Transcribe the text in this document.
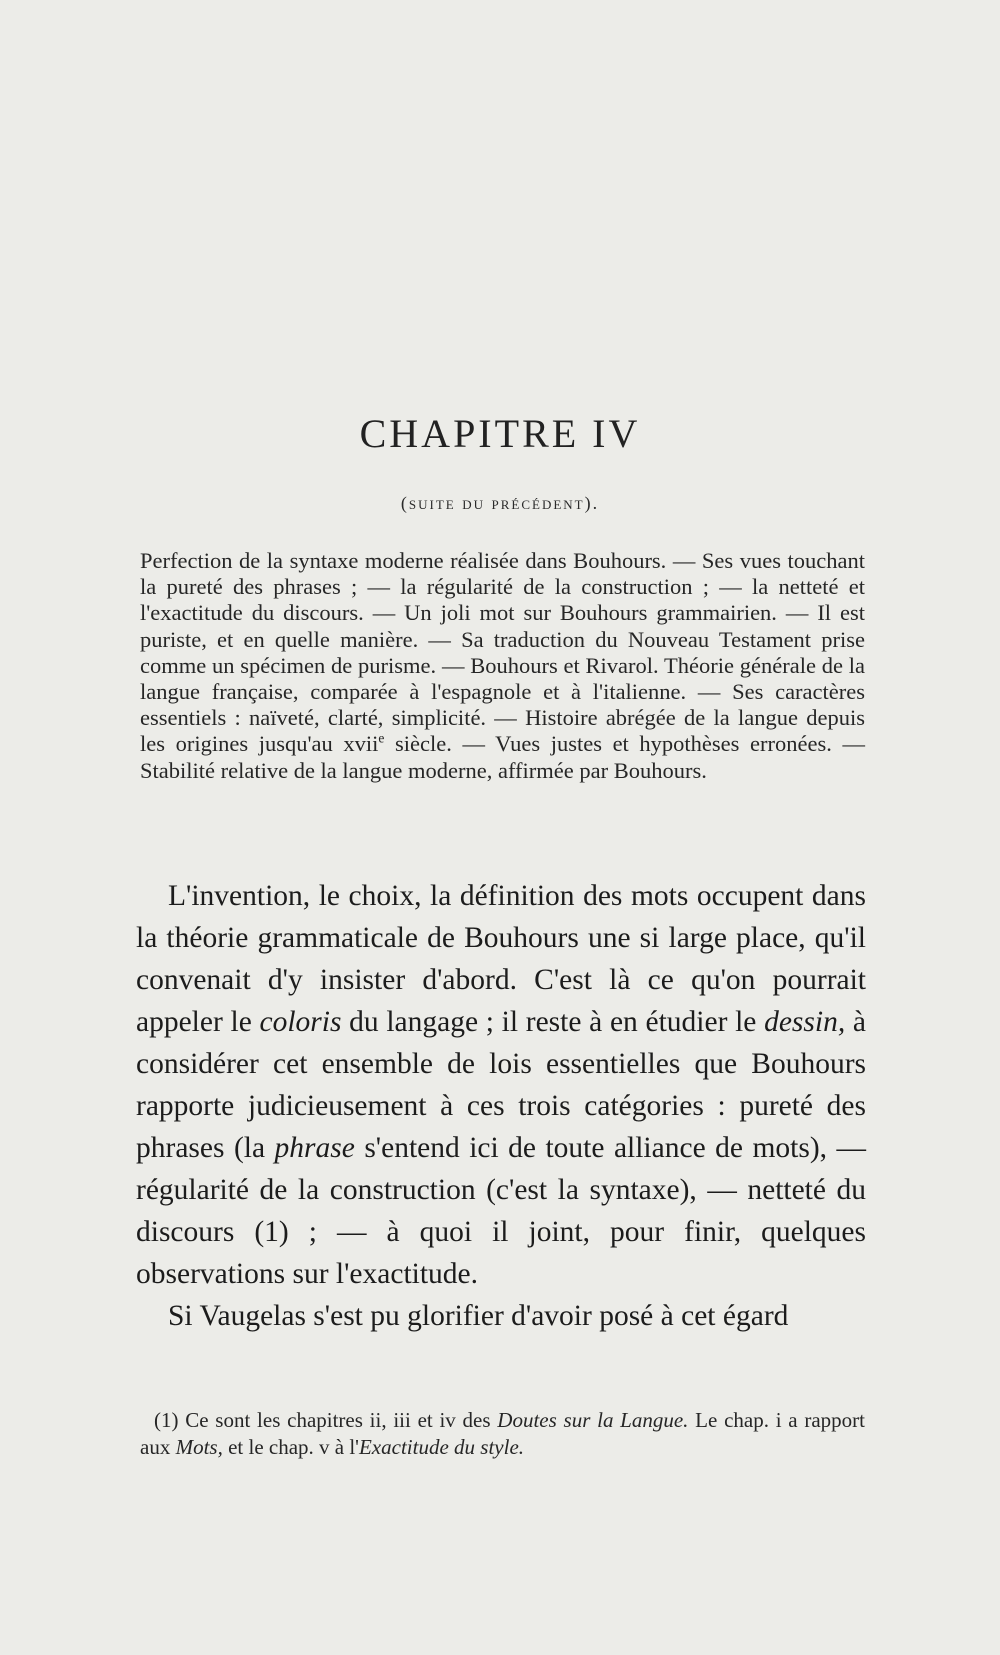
CHAPITRE IV
(suite du précédent).

Perfection de la syntaxe moderne réalisée dans Bouhours. — Ses vues touchant la pureté des phrases ; — la régularité de la construction ; — la netteté et l'exactitude du discours. — Un joli mot sur Bouhours grammairien. — Il est puriste, et en quelle manière. — Sa traduction du Nouveau Testament prise comme un spécimen de purisme. — Bouhours et Rivarol. Théorie générale de la langue française, comparée à l'espagnole et à l'italienne. — Ses caractères essentiels : naïveté, clarté, simplicité. — Histoire abrégée de la langue depuis les origines jusqu'au xvii$^e$ siècle. — Vues justes et hypothèses erronées. — Stabilité relative de la langue moderne, affirmée par Bouhours.

L'invention, le choix, la définition des mots occupent dans la théorie grammaticale de Bouhours une si large place, qu'il convenait d'y insister d'abord. C'est là ce qu'on pourrait appeler le coloris du langage ; il reste à en étudier le dessin, à considérer cet ensemble de lois essentielles que Bouhours rapporte judicieusement à ces trois catégories : pureté des phrases (la phrase s'entend ici de toute alliance de mots), — régularité de la construction (c'est la syntaxe), — netteté du discours (1) ; — à quoi il joint, pour finir, quelques observations sur l'exactitude.

Si Vaugelas s'est pu glorifier d'avoir posé à cet égard

(1) Ce sont les chapitres ii, iii et iv des Doutes sur la Langue. Le chap. i a rapport aux Mots, et le chap. v à l'Exactitude du style.
